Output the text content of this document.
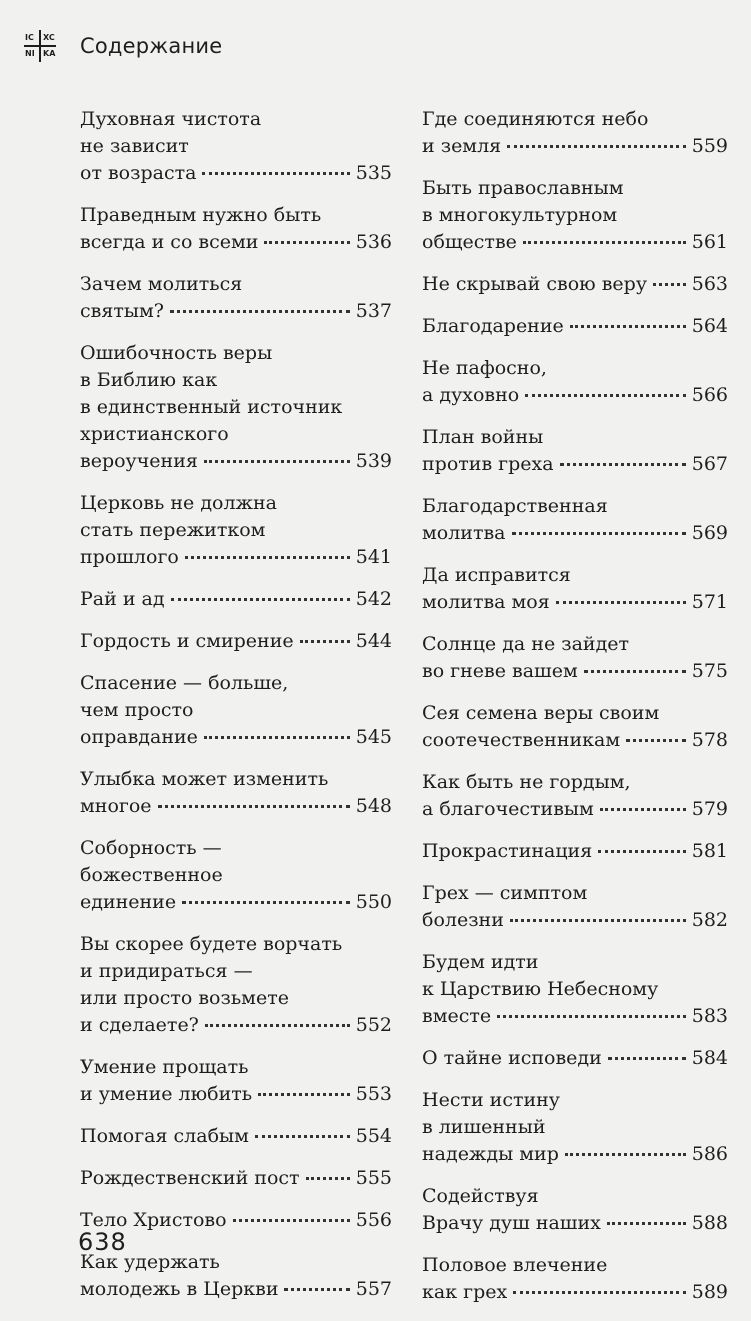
IC XC
NI KA Содержание
Духовная чистота
не зависит
от возраста	535
Праведным нужно быть
всегда и со всеми	536
Зачем молиться
святым?	537
Ошибочность веры
в Библию как
в единственный источник
христианского
вероучения	539
Церковь не должна
стать пережитком
прошлого	541
Рай и ад	542
Гордость и смирение	544
Спасение — больше,
чем просто
оправдание	545
Улыбка может изменить
многое	548
Соборность —
божественное
единение	550
Вы скорее будете ворчать
и придираться —
или просто возьмете
и сделаете?	552
Умение прощать
и умение любить	553
Помогая слабым	554
Рождественский пост	555
Тело Христово	556
Как удержать
молодежь в Церкви	557
Где соединяются небо
и земля	559
Быть православным
в многокультурном
обществе	561
Не скрывай свою веру 563
Благодарение	564
Не пафосно,
а духовно	566
План войны
против греха	567
Благодарственная
молитва	569
Да исправится
молитва моя	571
Солнце да не зайдет
во гневе вашем	575
Сея семена веры своим
соотечественникам	578
Как быть не гордым,
а благочестивым	579
Прокрастинация	581
Грех — симптом
болезни	582
Будем идти
к Царствию Небесному
вместе	583
О тайне исповеди	584
Нести истину
в лишенный
надежды мир	586
Содействуя
Врачу душ наших	588
Половое влечение
как грех	589
638
